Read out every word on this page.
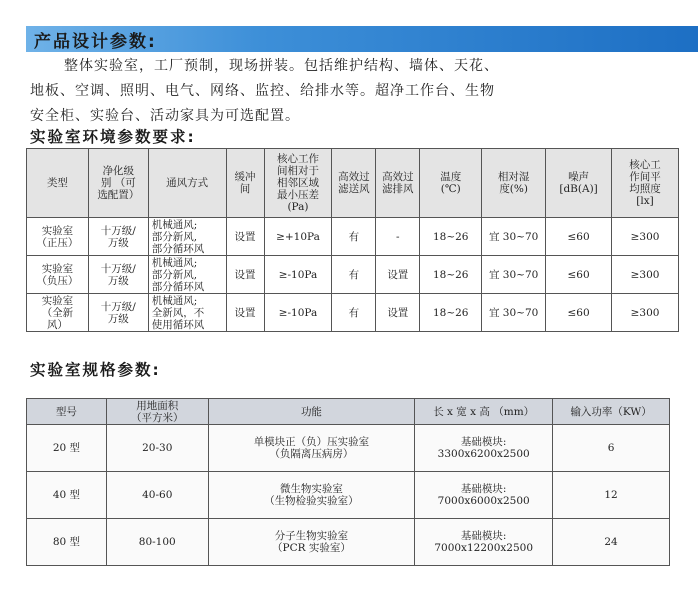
产品设计参数:
整体实验室，工厂预制，现场拼装。包括维护结构、墙体、天花、
地板、空调、照明、电气、网络、监控、给排水等。超净工作台、生物
安全柜、实验台、活动家具为可选配置。
实验室环境参数要求:
类型	净化级
别 （可
选配置）	通风方式	缓冲
间	核心工作
间相对于
相邻区域
最小压差
(Pa)	高效过
滤送风	高效过
滤排风	温度
(℃)	相对湿
度(%)	噪声
[dB(A)]	核心工
作间平
均照度
[lx]

实验室
（正压）	十万级/
万级	机械通风;
部分新风,
部分循环风	设置	≥+10Pa	有	-	18~26	宜 30~70	≤60	≥300

实验室
（负压）	十万级/
万级	机械通风;
部分新风,
部分循环风	设置	≥-10Pa	有	设置	18~26	宜 30~70	≤60	≥300

实验室
（全新
风）	十万级/
万级	机械通风;
全新风，不
使用循环风	设置	≥-10Pa	有	设置	18~26	宜 30~70	≤60	≥300
实验室规格参数:
型号	用地面积
（平方米）	功能	长 x 宽 x 高 （mm）	输入功率（KW）

20 型	20-30	单模块正（负）压实验室
（负隔离压病房）	基础模块:
3300x6200x2500	6

40 型	40-60	微生物实验室
（生物检验实验室）	基础模块:
7000x6000x2500	12

80 型	80-100	分子生物实验室
（PCR 实验室）	基础模块:
7000x12200x2500	24
